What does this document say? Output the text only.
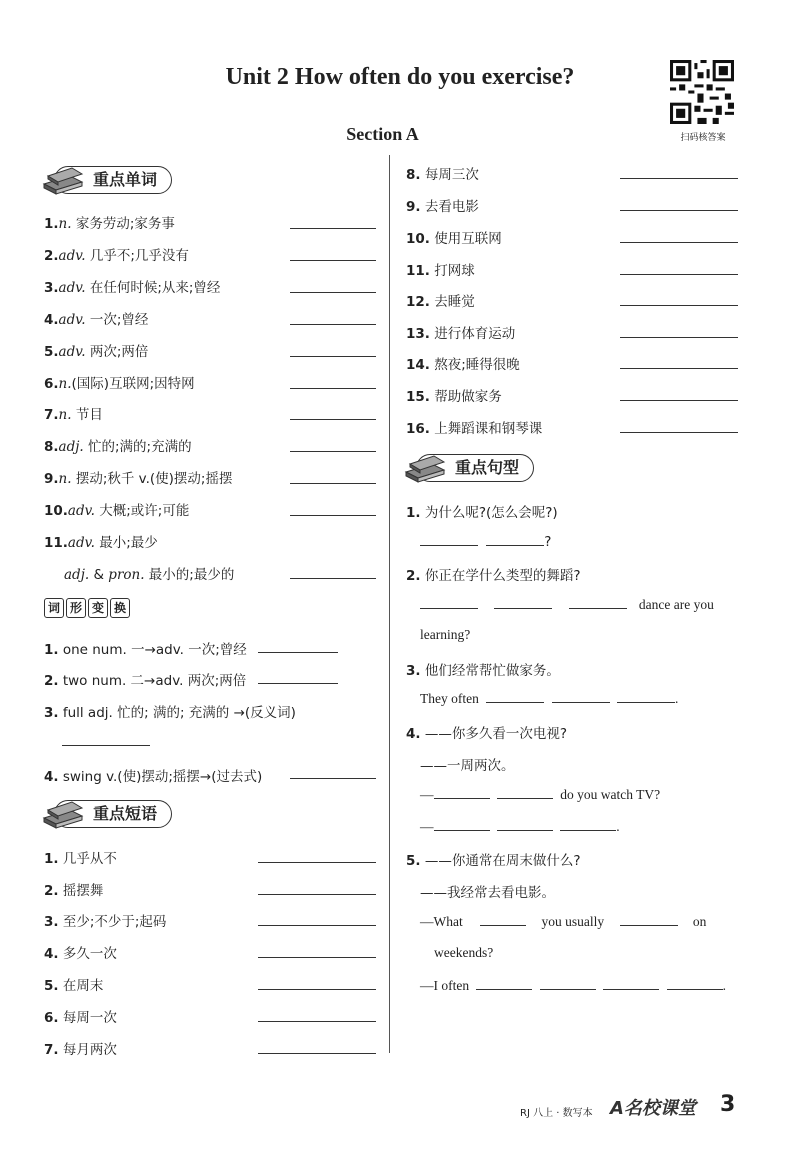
Unit 2 How often do you exercise?
Section A	扫码核答案
重点单词
1.n. 家务劳动;家务事
2.adv. 几乎不;几乎没有
3.adv. 在任何时候;从来;曾经
4.adv. 一次;曾经
5.adv. 两次;两倍
6.n.(国际)互联网;因特网
7.n. 节目
8.adj. 忙的;满的;充满的
9.n. 摆动;秋千 v.(使)摆动;摇摆
10.adv. 大概;或许;可能
11.adv. 最小;最少
adj. & pron. 最小的;最少的
词 形 变 换
1. one num. 一→adv. 一次;曾经
2. two num. 二→adv. 两次;两倍
3. full adj. 忙的; 满的; 充满的 →(反义词)
4. swing v.(使)摆动;摇摆→(过去式)
重点短语
1. 几乎从不
2. 摇摆舞
3. 至少;不少于;起码
4. 多久一次
5. 在周末
6. 每周一次
7. 每月两次
8. 每周三次
9. 去看电影
10. 使用互联网
11. 打网球
12. 去睡觉
13. 进行体育运动
14. 熬夜;睡得很晚
15. 帮助做家务
16. 上舞蹈课和钢琴课
重点句型
1. 为什么呢?(怎么会呢?)
?
2. 你正在学什么类型的舞蹈?
dance are you
learning?
3. 他们经常帮忙做家务。
They often	.
4. ——你多久看一次电视?
——一周两次。
—	do you watch TV?
—	.
5. ——你通常在周末做什么?
——我经常去看电影。
—What	you usually	on
weekends?
—I often	.
RJ 八上 · 数写本 A名校课堂 3
